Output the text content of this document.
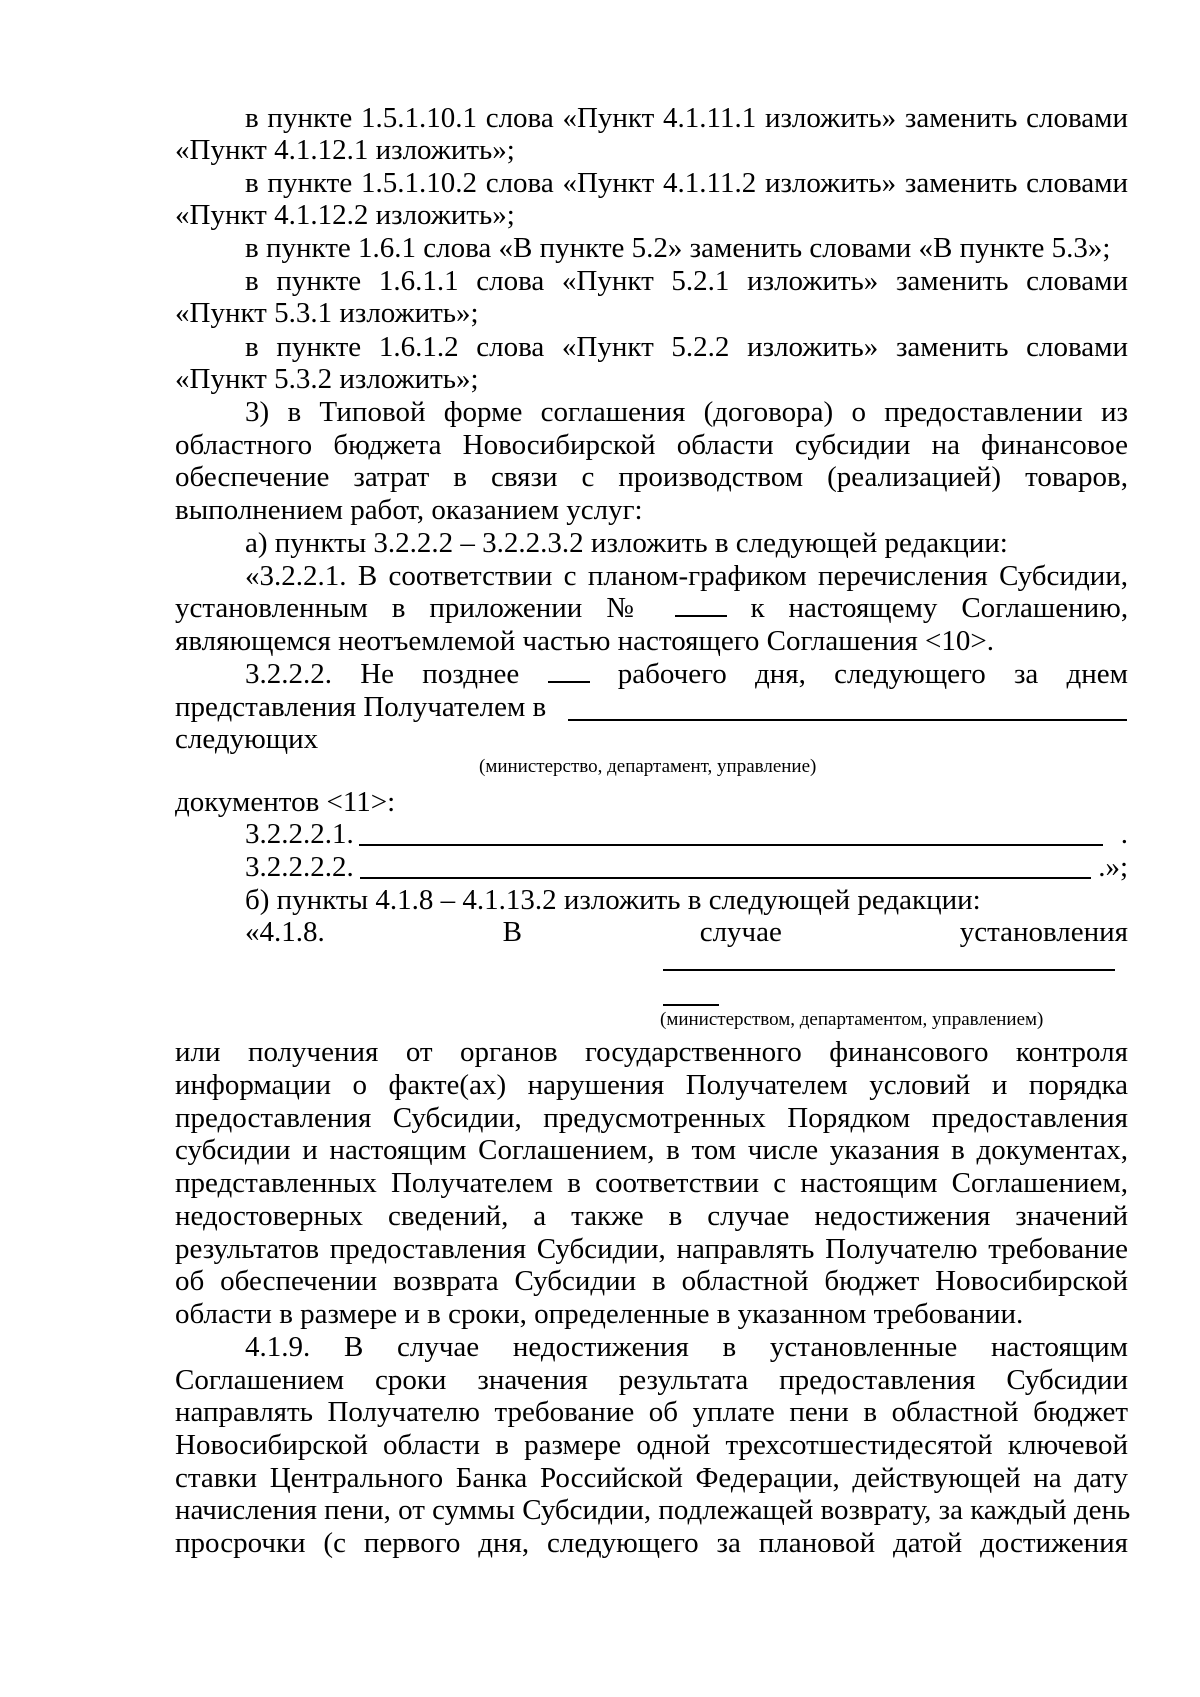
в пункте 1.5.1.10.1 слова «Пункт 4.1.11.1 изложить» заменить словами
«Пункт 4.1.12.1 изложить»;
в пункте 1.5.1.10.2 слова «Пункт 4.1.11.2 изложить» заменить словами
«Пункт 4.1.12.2 изложить»;
в пункте 1.6.1 слова «В пункте 5.2» заменить словами «В пункте 5.3»;
в пункте 1.6.1.1 слова «Пункт 5.2.1 изложить» заменить словами
«Пункт 5.3.1 изложить»;
в пункте 1.6.1.2 слова «Пункт 5.2.2 изложить» заменить словами
«Пункт 5.3.2 изложить»;
3) в Типовой форме соглашения (договора) о предоставлении из
областного бюджета Новосибирской области субсидии на финансовое
обеспечение затрат в связи с производством (реализацией) товаров,
выполнением работ, оказанием услуг:
а) пункты 3.2.2.2 – 3.2.2.3.2 изложить в следующей редакции:
«3.2.2.1. В соответствии с планом-графиком перечисления Субсидии,
установленным в приложении №	к настоящему Соглашению,
являющемся неотъемлемой частью настоящего Соглашения <10>.
3.2.2.2. Не позднее	рабочего дня, следующего за днем
представления Получателем в
следующих
(министерство, департамент, управление)
документов <11>:
3.2.2.2.1.	.
3.2.2.2.2.	.»;
б) пункты 4.1.8 – 4.1.13.2 изложить в следующей редакции:
«4.1.8.	В	случае	установления
(министерством, департаментом, управлением)
или получения от органов государственного финансового контроля
информации о факте(ах) нарушения Получателем условий и порядка
предоставления Субсидии, предусмотренных Порядком предоставления
субсидии и настоящим Соглашением, в том числе указания в документах,
представленных Получателем в соответствии с настоящим Соглашением,
недостоверных сведений, а также в случае недостижения значений
результатов предоставления Субсидии, направлять Получателю требование
об обеспечении возврата Субсидии в областной бюджет Новосибирской
области в размере и в сроки, определенные в указанном требовании.
4.1.9. В случае недостижения в установленные настоящим
Соглашением сроки значения результата предоставления Субсидии
направлять Получателю требование об уплате пени в областной бюджет
Новосибирской области в размере одной трехсотшестидесятой ключевой
ставки Центрального Банка Российской Федерации, действующей на дату
начисления пени, от суммы Субсидии, подлежащей возврату, за каждый день
просрочки (с первого дня, следующего за плановой датой достижения
